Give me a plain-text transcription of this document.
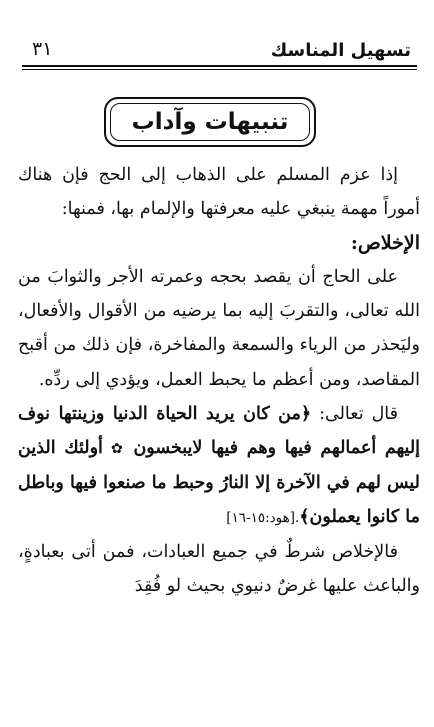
تسهيل المناسك
٣١
تنبيهات وآداب

إذا عزم المسلم على الذهاب إلى الحج فإن هناك أموراً مهمة ينبغي عليه معرفتها والإلمام بها، فمنها:

الإخلاص:

على الحاج أن يقصد بحجه وعمرته الأجر والثوابَ من الله تعالى، والتقربَ إليه بما يرضيه من الأقوال والأفعال، وليَحذر من الرياء والسمعة والمفاخرة، فإن ذلك من أقبح المقاصد، ومن أعظم ما يحبط العمل، ويؤدي إلى ردِّه.

قال تعالى: ﴿من كان يريد الحياة الدنيا وزينتها نوف إليهم أعمالهم فيها وهم فيها لايبخسون ✿ أولئك الذين ليس لهم في الآخرة إلا النارُ وحبط ما صنعوا فيها وباطل ما كانوا يعملون﴾.[هود:١٥-١٦]

فالإخلاص شرطٌ في جميع العبادات، فمن أتى بعبادةٍ، والباعث عليها غرضٌ دنيوي بحيث لو فُقِدَ
